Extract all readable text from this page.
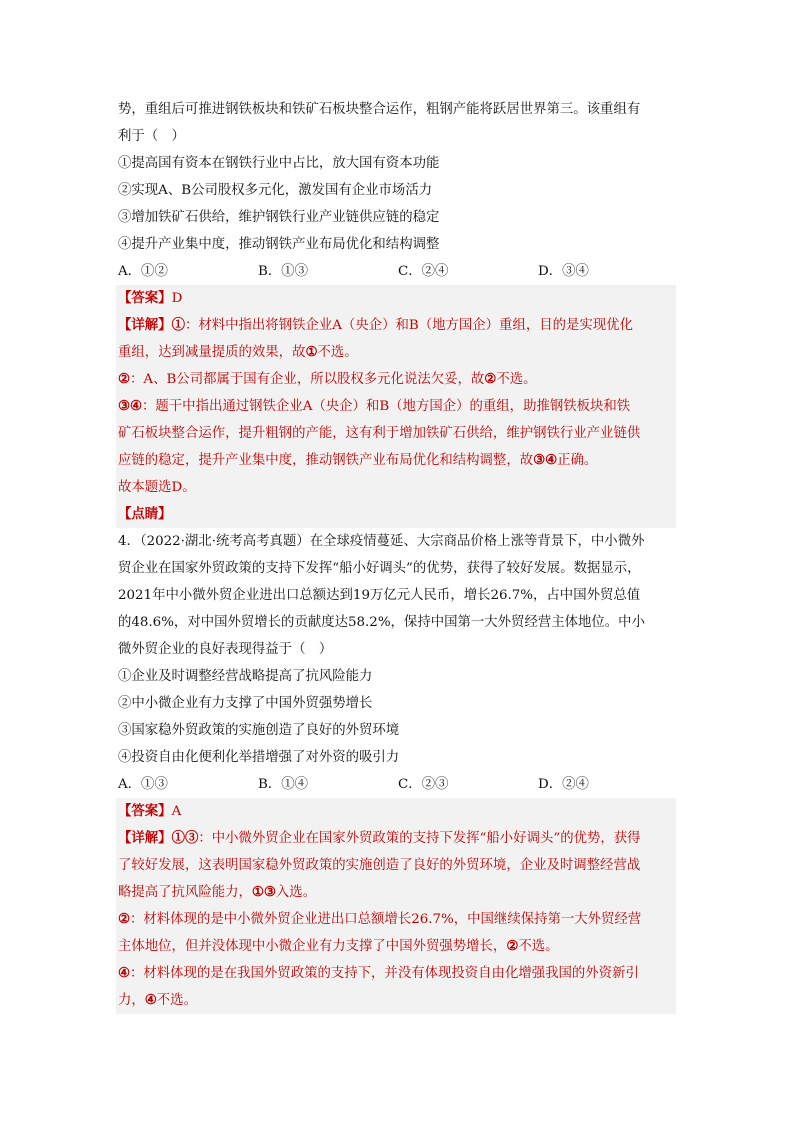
势，重组后可推进钢铁板块和铁矿石板块整合运作，粗钢产能将跃居世界第三。该重组有
利于（　）
①提高国有资本在钢铁行业中占比，放大国有资本功能
②实现A、B公司股权多元化，激发国有企业市场活力
③增加铁矿石供给，维护钢铁行业产业链供应链的稳定
④提升产业集中度，推动钢铁产业布局优化和结构调整
A．①②	B．①③	C．②④	D．③④
【答案】D
【详解】①：材料中指出将钢铁企业A（央企）和B（地方国企）重组，目的是实现优化
重组，达到减量提质的效果，故①不选。
②：A、B公司都属于国有企业，所以股权多元化说法欠妥，故②不选。
③④：题干中指出通过钢铁企业A（央企）和B（地方国企）的重组，助推钢铁板块和铁
矿石板块整合运作，提升粗钢的产能，这有利于增加铁矿石供给，维护钢铁行业产业链供
应链的稳定，提升产业集中度，推动钢铁产业布局优化和结构调整，故③④正确。
故本题选D。
【点睛】
4．（2022·湖北·统考高考真题）在全球疫情蔓延、大宗商品价格上涨等背景下，中小微外
贸企业在国家外贸政策的支持下发挥“船小好调头”的优势，获得了较好发展。数据显示，
2021年中小微外贸企业进出口总额达到19万亿元人民币，增长26.7%，占中国外贸总值
的48.6%，对中国外贸增长的贡献度达58.2%，保持中国第一大外贸经营主体地位。中小
微外贸企业的良好表现得益于（　）
①企业及时调整经营战略提高了抗风险能力
②中小微企业有力支撑了中国外贸强势增长
③国家稳外贸政策的实施创造了良好的外贸环境
④投资自由化便利化举措增强了对外资的吸引力
A．①③	B．①④	C．②③	D．②④
【答案】A
【详解】①③：中小微外贸企业在国家外贸政策的支持下发挥“船小好调头”的优势，获得
了较好发展，这表明国家稳外贸政策的实施创造了良好的外贸环境，企业及时调整经营战
略提高了抗风险能力，①③入选。
②：材料体现的是中小微外贸企业进出口总额增长26.7%，中国继续保持第一大外贸经营
主体地位，但并没体现中小微企业有力支撑了中国外贸强势增长，②不选。
④：材料体现的是在我国外贸政策的支持下，并没有体现投资自由化增强我国的外资新引
力，④不选。
